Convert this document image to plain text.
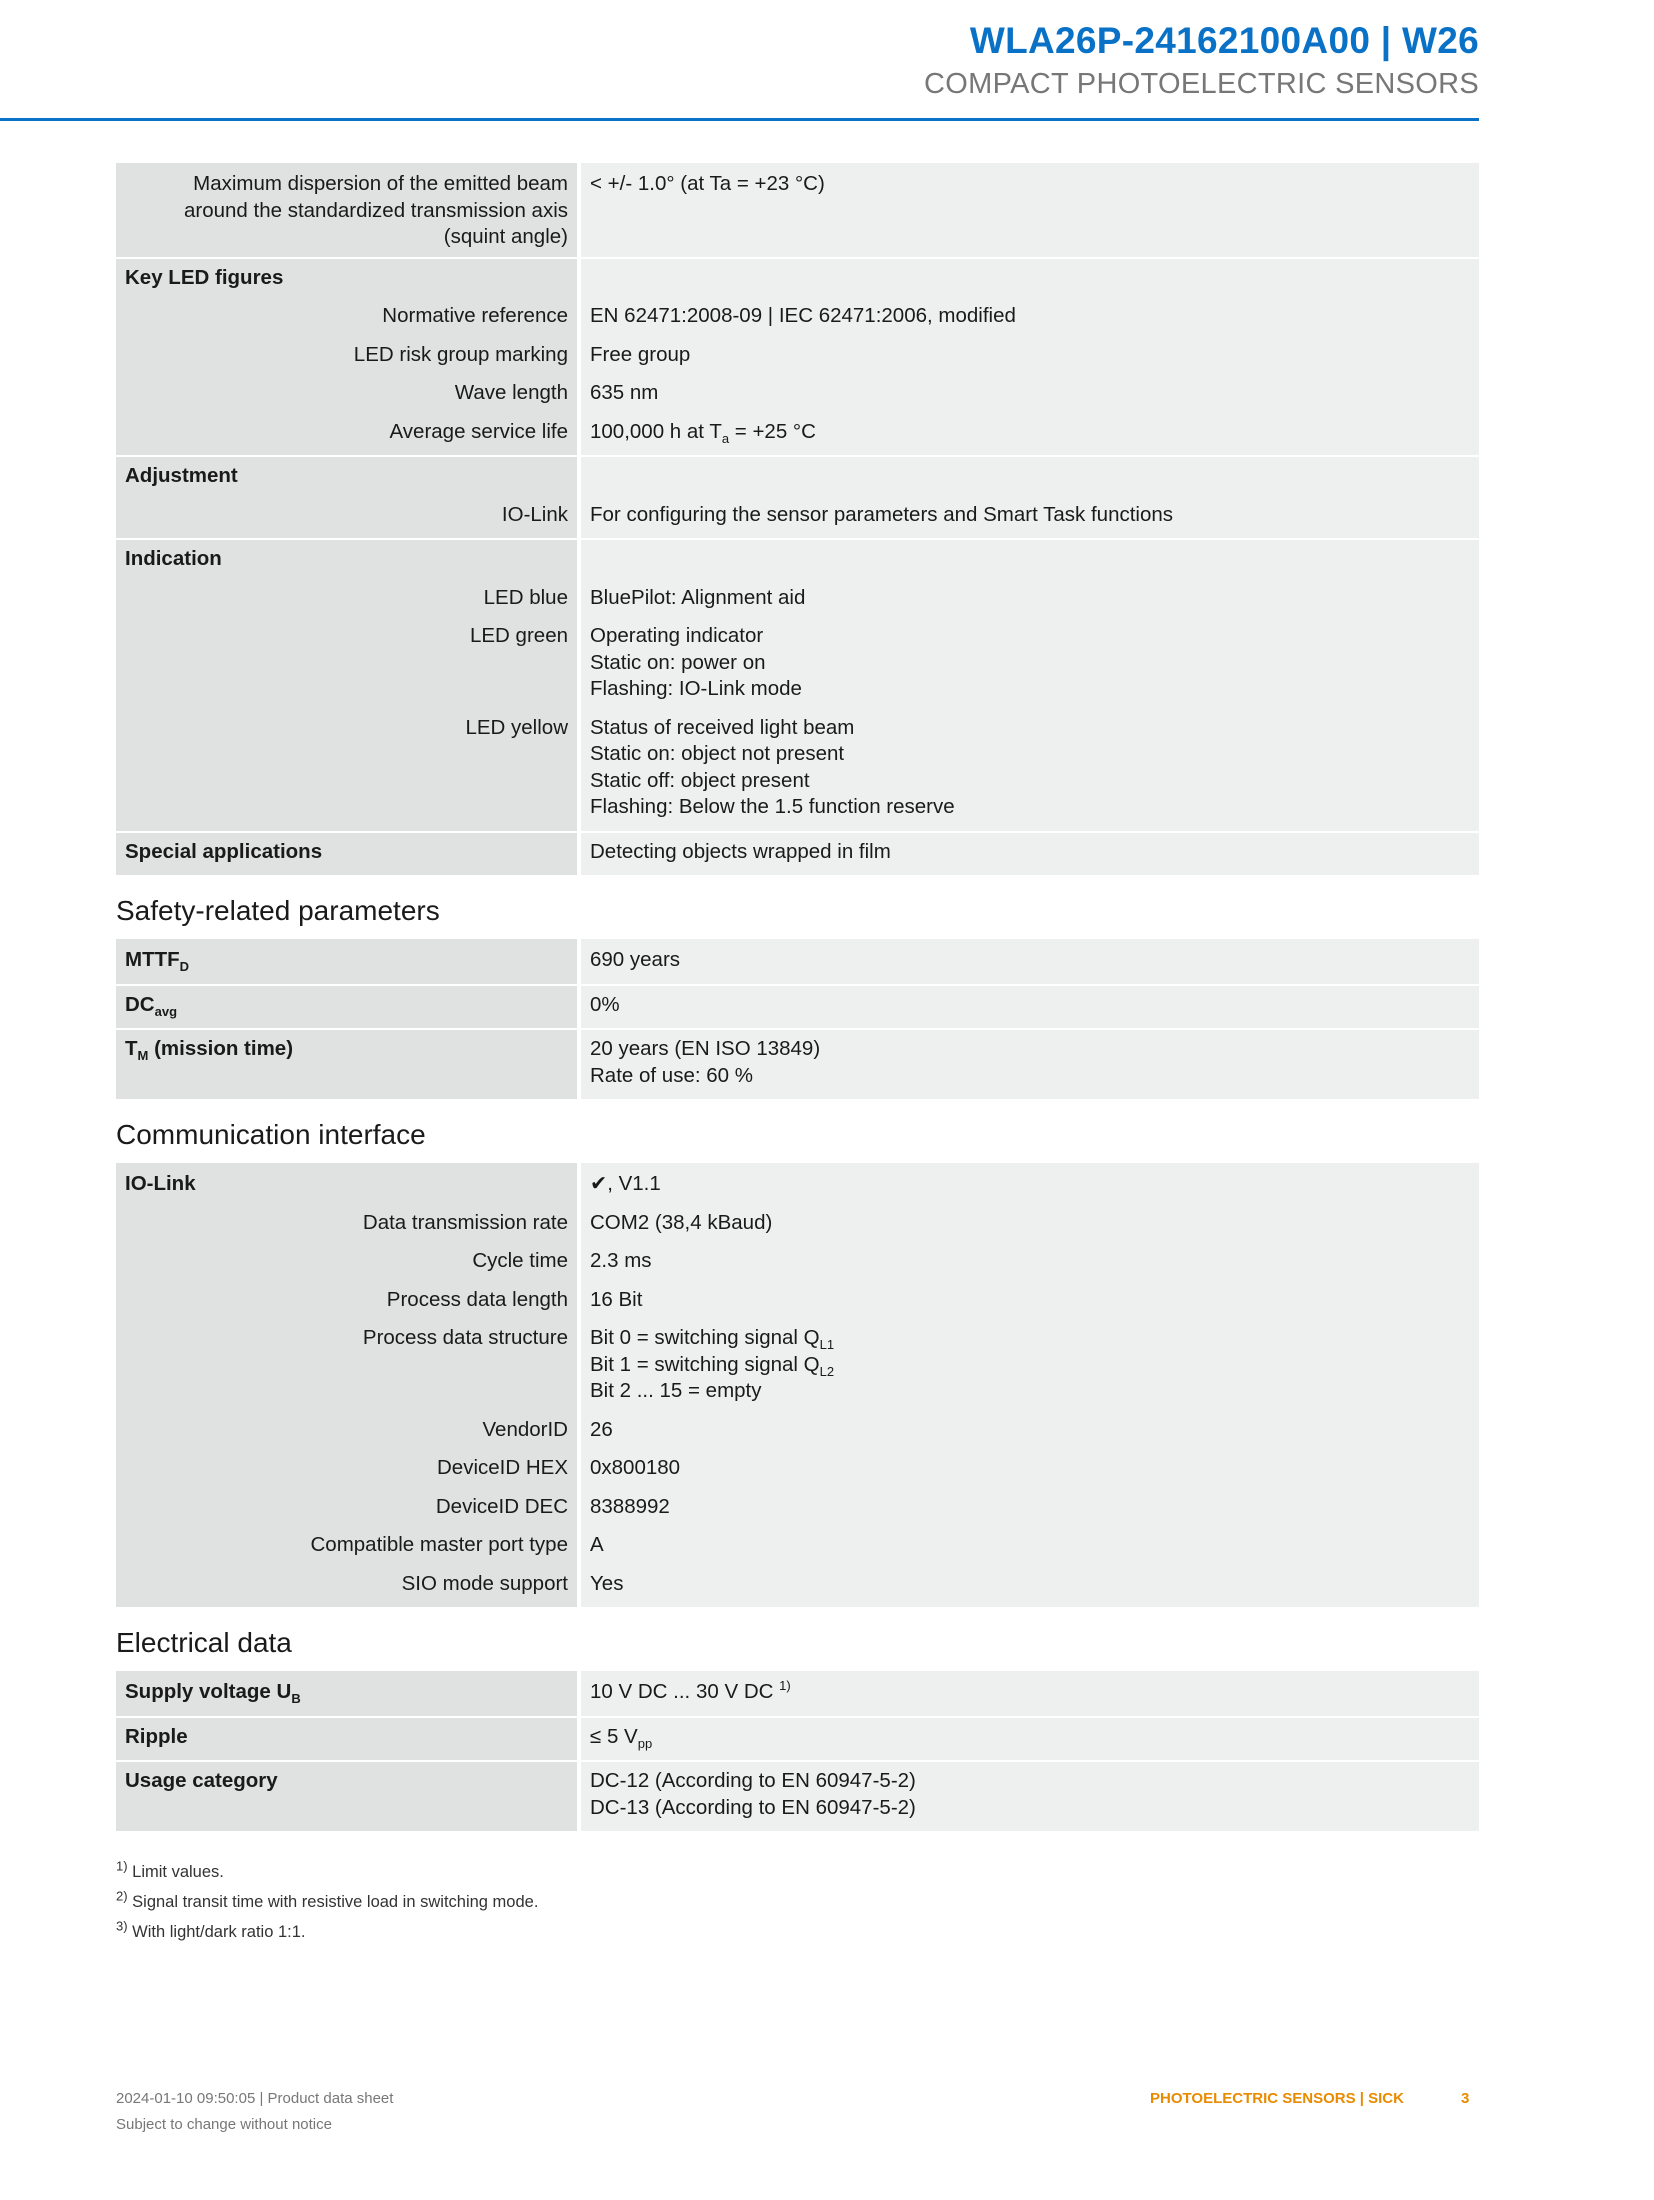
WLA26P-24162100A00 | W26
COMPACT PHOTOELECTRIC SENSORS
Maximum dispersion of the emitted beam
around the standardized transmission axis
(squint angle)	< +/- 1.0° (at Ta = +23 °C)
Key LED figures	
Normative reference	EN 62471:2008-09 | IEC 62471:2006, modified
LED risk group marking	Free group
Wave length	635 nm
Average service life	100,000 h at $T_a = +25$ °C
Adjustment	
IO-Link	For configuring the sensor parameters and Smart Task functions
Indication	
LED blue	BluePilot: Alignment aid
LED green	Operating indicator
Static on: power on
Flashing: IO-Link mode

LED yellow	Status of received light beam
Static on: object not present
Static off: object present
Flashing: Below the 1.5 function reserve

Special applications	Detecting objects wrapped in film
Safety-related parameters
$MTTF_D$	690 years
$DC_{avg}$	0%
$T_M$ (mission time)	20 years (EN ISO 13849)
Rate of use: 60 %
Communication interface
IO-Link	✔, V1.1
Data transmission rate	COM2 (38,4 kBaud)
Cycle time	2.3 ms
Process data length	16 Bit
Process data structure	Bit 0 = switching signal $Q_{L1}$
Bit 1 = switching signal $Q_{L2}$
Bit 2 ... 15 = empty

VendorID	26
DeviceID HEX	0x800180
DeviceID DEC	8388992
Compatible master port type	A
SIO mode support	Yes
Electrical data
Supply voltage $U_B$	10 V DC ... 30 V DC $^{1)}$
Ripple	≤ 5 $V_{pp}$
Usage category	DC-12 (According to EN 60947-5-2)
DC-13 (According to EN 60947-5-2)
$^{1)}$ Limit values.
$^{2)}$ Signal transit time with resistive load in switching mode.
$^{3)}$ With light/dark ratio 1:1.
2024-01-10 09:50:05 | Product data sheet
Subject to change without notice
PHOTOELECTRIC SENSORS | SICK	3
